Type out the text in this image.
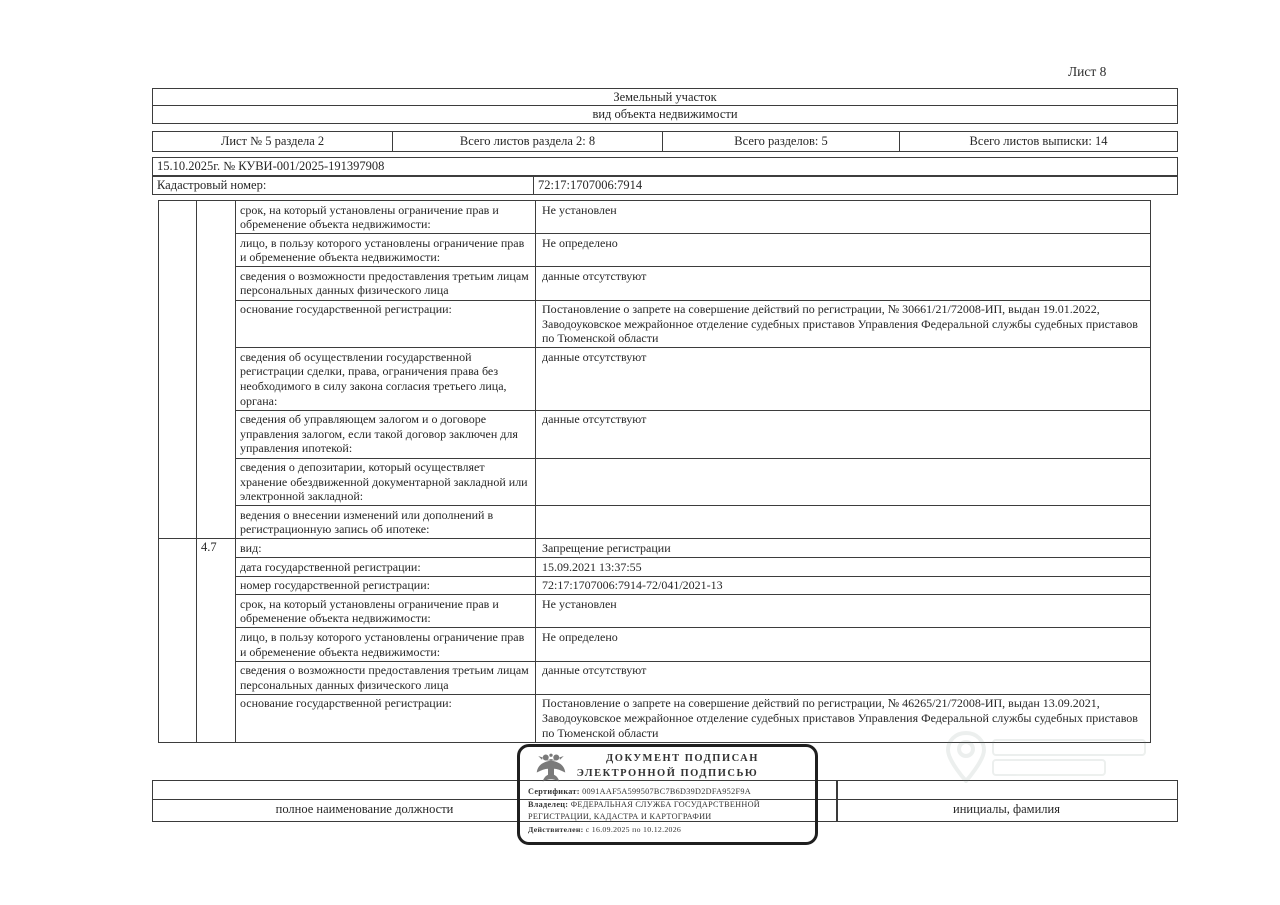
Лист 8
Земельный участок
вид объекта недвижимости
Лист № 5 раздела 2	Всего листов раздела 2: 8	Всего разделов: 5	Всего листов выписки: 14
15.10.2025г. № КУВИ-001/2025-191397908
Кадастровый номер:	72:17:1707006:7914
		срок, на который установлены ограничение прав и обременение объекта недвижимости:	Не установлен
		лицо, в пользу которого установлены ограничение прав и обременение объекта недвижимости:	Не определено
		сведения о возможности предоставления третьим лицам персональных данных физического лица	данные отсутствуют
		основание государственной регистрации:	Постановление о запрете на совершение действий по регистрации, № 30661/21/72008-ИП, выдан 19.01.2022, Заводоуковское межрайонное отделение судебных приставов Управления Федеральной службы судебных приставов по Тюменской области
		сведения об осуществлении государственной регистрации сделки, права, ограничения права без необходимого в силу закона согласия третьего лица, органа:	данные отсутствуют
		сведения об управляющем залогом и о договоре управления залогом, если такой договор заключен для управления ипотекой:	данные отсутствуют
		сведения о депозитарии, который осуществляет хранение обездвиженной документарной закладной или электронной закладной:	
		ведения о внесении изменений или дополнений в регистрационную запись об ипотеке:	
	4.7	вид:	Запрещение регистрации
		дата государственной регистрации:	15.09.2021 13:37:55
		номер государственной регистрации:	72:17:1707006:7914-72/041/2021-13
		срок, на который установлены ограничение прав и обременение объекта недвижимости:	Не установлен
		лицо, в пользу которого установлены ограничение прав и обременение объекта недвижимости:	Не определено
		сведения о возможности предоставления третьим лицам персональных данных физического лица	данные отсутствуют
		основание государственной регистрации:	Постановление о запрете на совершение действий по регистрации, № 46265/21/72008-ИП, выдан 13.09.2021, Заводоуковское межрайонное отделение судебных приставов Управления Федеральной службы судебных приставов по Тюменской области
полное наименование должности	инициалы, фамилия
ДОКУМЕНТ ПОДПИСАН
ЭЛЕКТРОННОЙ ПОДПИСЬЮ
Сертификат: 0091AAF5A599507BC7B6D39D2DFA952F9A
Владелец: ФЕДЕРАЛЬНАЯ СЛУЖБА ГОСУДАРСТВЕННОЙ
РЕГИСТРАЦИИ, КАДАСТРА И КАРТОГРАФИИ
Действителен: с 16.09.2025 по 10.12.2026
